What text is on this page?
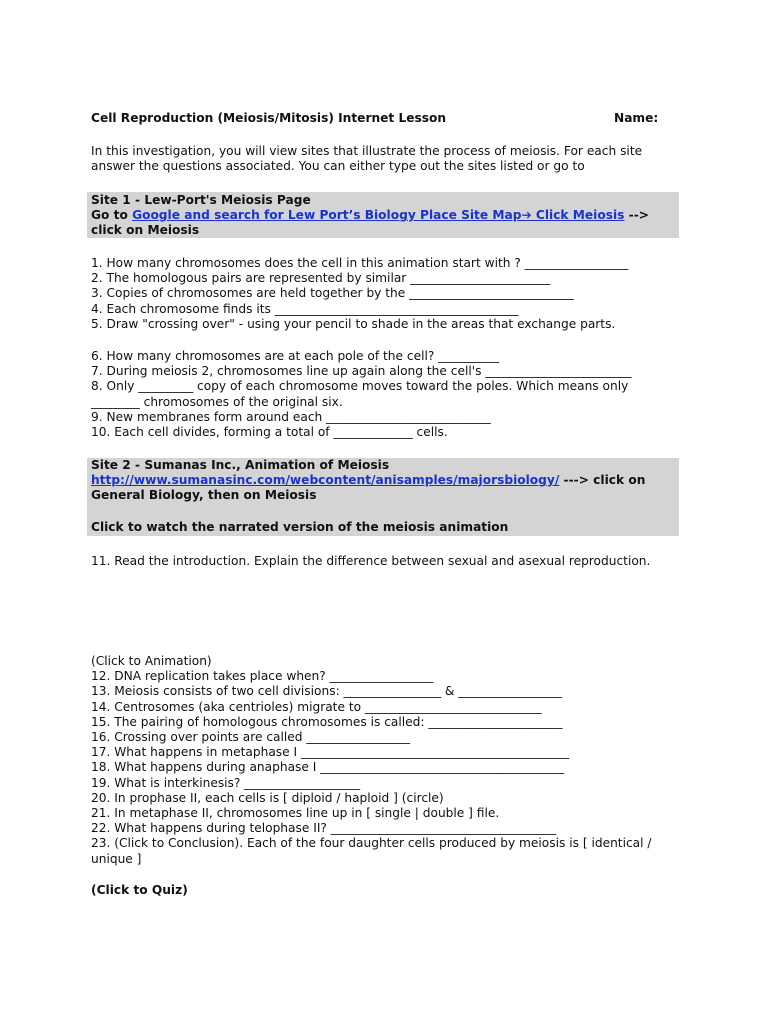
Cell Reproduction (Meiosis/Mitosis) Internet Lesson	Name:
In this investigation, you will view sites that illustrate the process of meiosis. For each site
answer the questions associated. You can either type out the sites listed or go to
Site 1 - Lew-Port's Meiosis Page
Go to Google and search for Lew Port’s Biology Place Site Map➔ Click Meiosis -->
click on Meiosis
1. How many chromosomes does the cell in this animation start with ? _________________
2. The homologous pairs are represented by similar _______________________
3. Copies of chromosomes are held together by the ___________________________
4. Each chromosome finds its ________________________________________
5. Draw "crossing over" - using your pencil to shade in the areas that exchange parts.
6. How many chromosomes are at each pole of the cell? __________
7. During meiosis 2, chromosomes line up again along the cell's ________________________
8. Only _________ copy of each chromosome moves toward the poles. Which means only
________ chromosomes of the original six.
9. New membranes form around each ___________________________
10. Each cell divides, forming a total of _____________ cells.
Site 2 - Sumanas Inc., Animation of Meiosis
http://www.sumanasinc.com/webcontent/anisamples/majorsbiology/ ---> click on
General Biology, then on Meiosis
Click to watch the narrated version of the meiosis animation
11. Read the introduction. Explain the difference between sexual and asexual reproduction.
(Click to Animation)
12. DNA replication takes place when? _________________
13. Meiosis consists of two cell divisions: ________________ & _________________
14. Centrosomes (aka centrioles) migrate to _____________________________
15. The pairing of homologous chromosomes is called: ______________________
16. Crossing over points are called _________________
17. What happens in metaphase I ____________________________________________
18. What happens during anaphase I ________________________________________
19. What is interkinesis? ___________________
20. In prophase II, each cells is [ diploid / haploid ] (circle)
21. In metaphase II, chromosomes line up in [ single | double ] file.
22. What happens during telophase II? _____________________________________
23. (Click to Conclusion). Each of the four daughter cells produced by meiosis is [ identical /
unique ]
(Click to Quiz)
